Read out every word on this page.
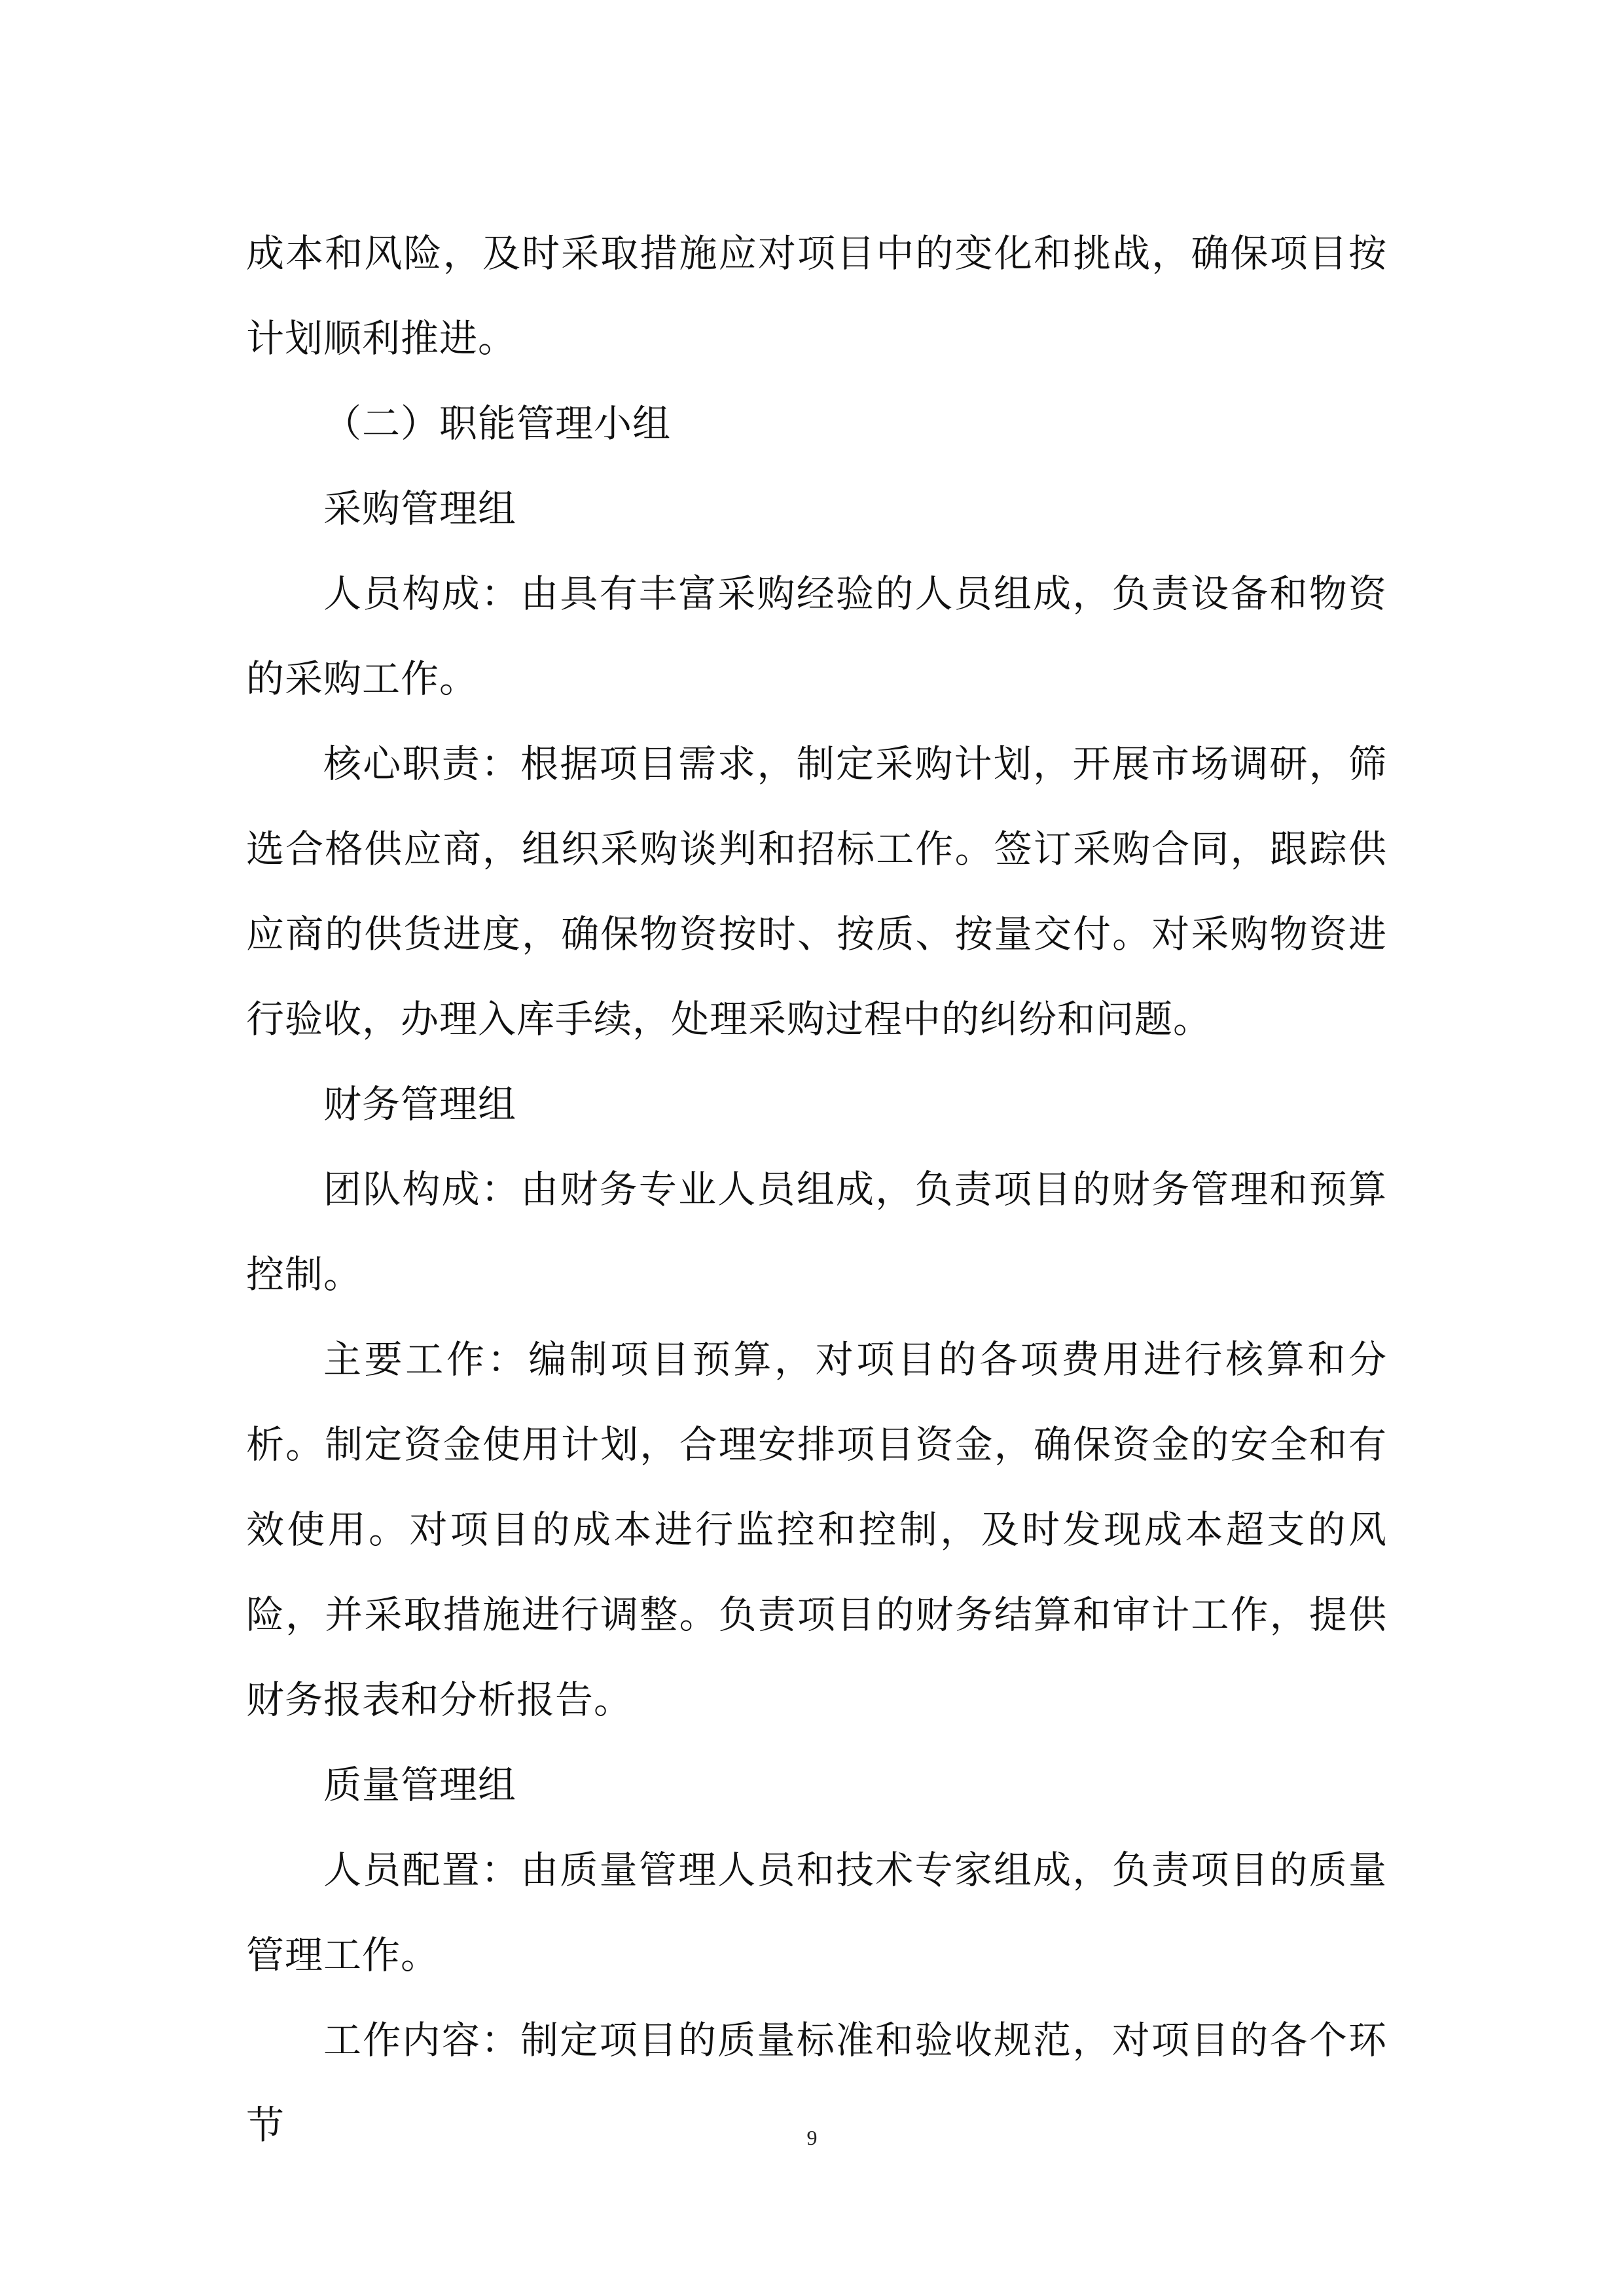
成本和风险，及时采取措施应对项目中的变化和挑战，确保项目按计划顺利推进。

（二）职能管理小组

采购管理组

人员构成：由具有丰富采购经验的人员组成，负责设备和物资的采购工作。

核心职责：根据项目需求，制定采购计划，开展市场调研，筛选合格供应商，组织采购谈判和招标工作。签订采购合同，跟踪供应商的供货进度，确保物资按时、按质、按量交付。对采购物资进行验收，办理入库手续，处理采购过程中的纠纷和问题。

财务管理组

团队构成：由财务专业人员组成，负责项目的财务管理和预算控制。

主要工作：编制项目预算，对项目的各项费用进行核算和分析。制定资金使用计划，合理安排项目资金，确保资金的安全和有效使用。对项目的成本进行监控和控制，及时发现成本超支的风险，并采取措施进行调整。负责项目的财务结算和审计工作，提供财务报表和分析报告。

质量管理组

人员配置：由质量管理人员和技术专家组成，负责项目的质量管理工作。

工作内容：制定项目的质量标准和验收规范，对项目的各个环节	9
